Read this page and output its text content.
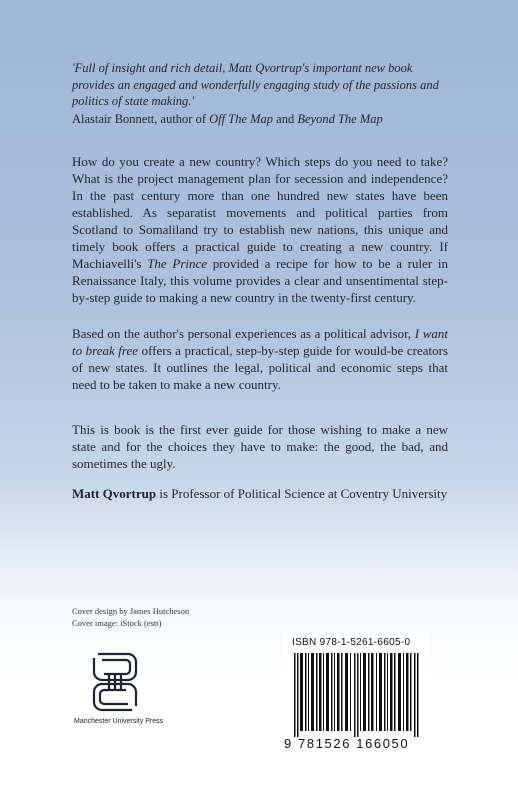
'Full of insight and rich detail, Matt Qvortrup's important new book provides an engaged and wonderfully engaging study of the passions and politics of state making.'

Alastair Bonnett, author of Off The Map and Beyond The Map

How do you create a new country? Which steps do you need to take? What is the project management plan for secession and independence? In the past century more than one hundred new states have been established. As separatist movements and political parties from Scotland to Somaliland try to establish new nations, this unique and timely book offers a practical guide to creating a new country. If Machiavelli's The Prince provided a recipe for how to be a ruler in Renaissance Italy, this volume provides a clear and unsentimental step-by-step guide to making a new country in the twenty-first century.

Based on the author's personal experiences as a political advisor, I want to break free offers a practical, step-by-step guide for would-be creators of new states. It outlines the legal, political and economic steps that need to be taken to make a new country.

This is book is the first ever guide for those wishing to make a new state and for the choices they have to make: the good, the bad, and sometimes the ugly.

Matt Qvortrup is Professor of Political Science at Coventry University

Cover design by James Hutcheson
Cover image: iStock (estt)
Manchester University Press
ISBN 978-1-5261-6605-0
9 781526 166050
